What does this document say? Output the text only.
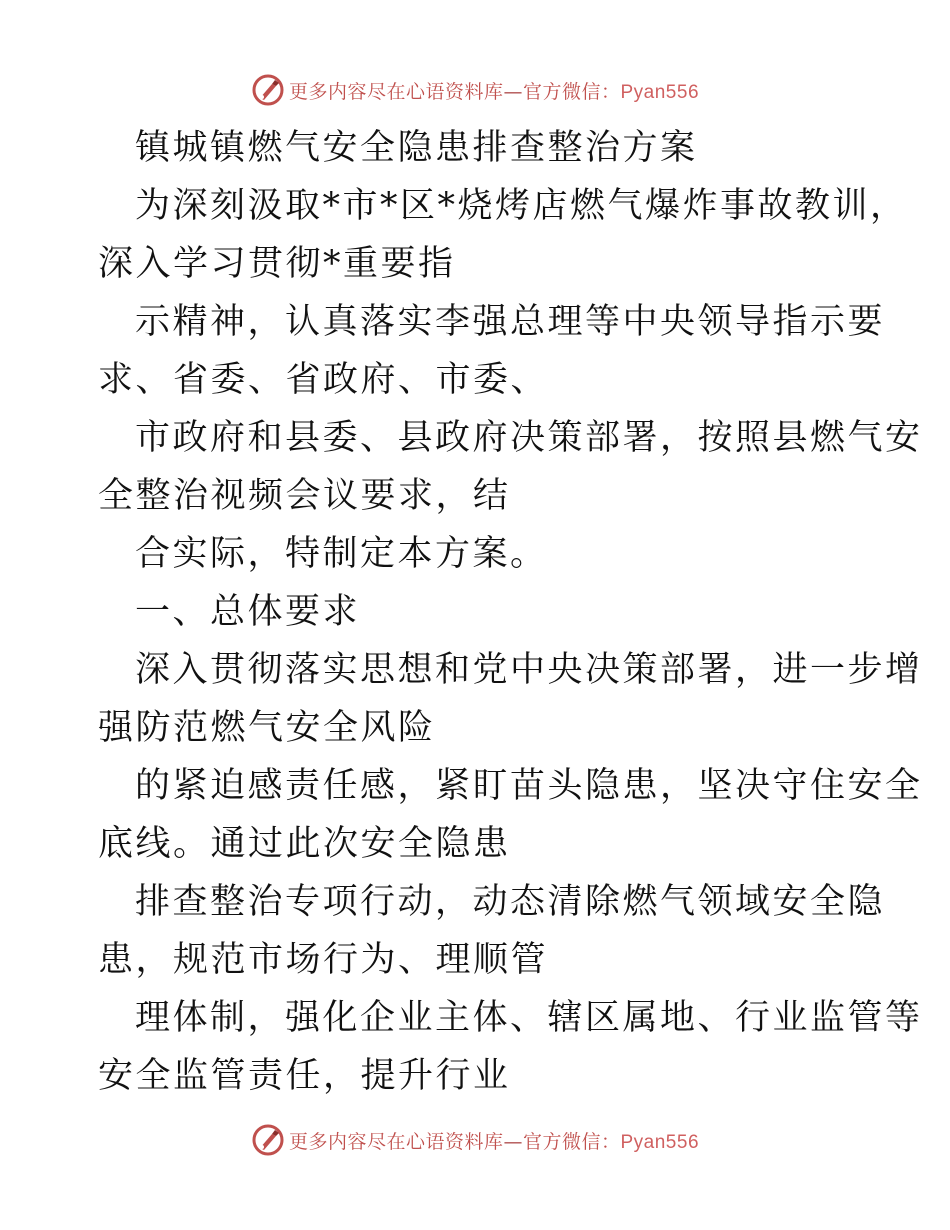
更多内容尽在心语资料库—官方微信：Pyan556
镇城镇燃气安全隐患排查整治方案
为深刻汲取*市*区*烧烤店燃气爆炸事故教训，
深入学习贯彻*重要指
示精神，认真落实李强总理等中央领导指示要
求、省委、省政府、市委、
市政府和县委、县政府决策部署，按照县燃气安
全整治视频会议要求，结
合实际，特制定本方案。
一、总体要求
深入贯彻落实思想和党中央决策部署，进一步增
强防范燃气安全风险
的紧迫感责任感，紧盯苗头隐患，坚决守住安全
底线。通过此次安全隐患
排查整治专项行动，动态清除燃气领域安全隐
患，规范市场行为、理顺管
理体制，强化企业主体、辖区属地、行业监管等
安全监管责任，提升行业
更多内容尽在心语资料库—官方微信：Pyan556
